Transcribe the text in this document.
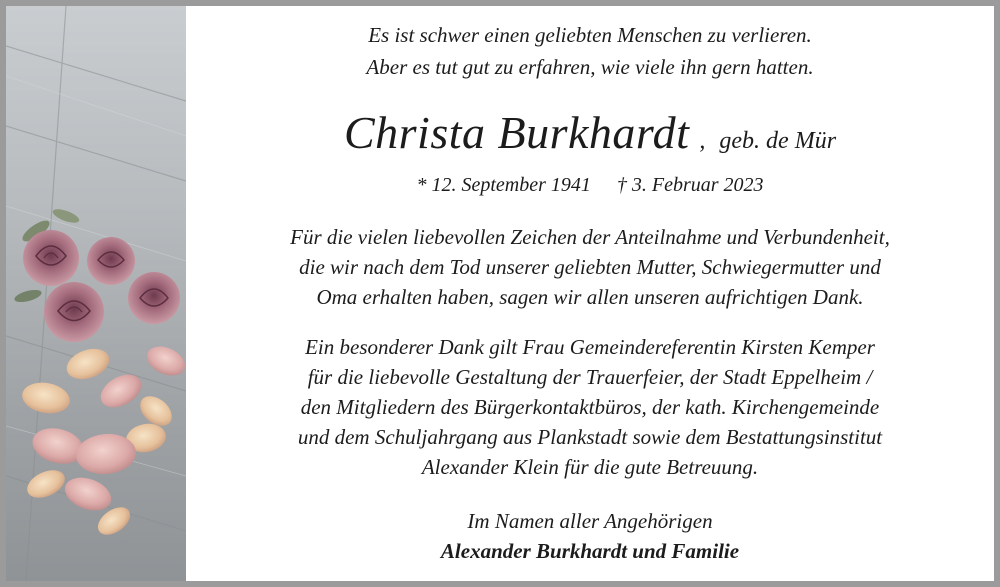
Es ist schwer einen geliebten Menschen zu verlieren.
Aber es tut gut zu erfahren, wie viele ihn gern hatten.
Christa Burkhardt , geb. de Mür
* 12. September 1941 † 3. Februar 2023
Für die vielen liebevollen Zeichen der Anteilnahme und Verbundenheit,
die wir nach dem Tod unserer geliebten Mutter, Schwiegermutter und
Oma erhalten haben, sagen wir allen unseren aufrichtigen Dank.
Ein besonderer Dank gilt Frau Gemeindereferentin Kirsten Kemper
für die liebevolle Gestaltung der Trauerfeier, der Stadt Eppelheim /
den Mitgliedern des Bürgerkontaktbüros, der kath. Kirchengemeinde
und dem Schuljahrgang aus Plankstadt sowie dem Bestattungsinstitut
Alexander Klein für die gute Betreuung.
Im Namen aller Angehörigen
Alexander Burkhardt und Familie
